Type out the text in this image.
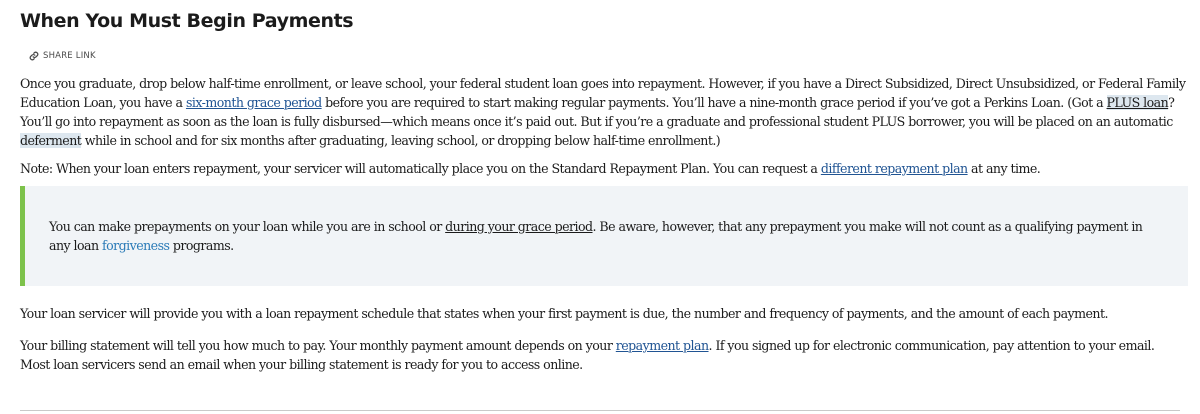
When You Must Begin Payments
SHARE LINK

Once you graduate, drop below half-time enrollment, or leave school, your federal student loan goes into repayment. However, if you have a Direct Subsidized, Direct Unsubsidized, or Federal Family

Education Loan, you have a six-month grace period before you are required to start making regular payments. You’ll have a nine-month grace period if you’ve got a Perkins Loan. (Got a PLUS loan?

You’ll go into repayment as soon as the loan is fully disbursed—which means once it’s paid out. But if you’re a graduate and professional student PLUS borrower, you will be placed on an automatic

deferment while in school and for six months after graduating, leaving school, or dropping below half-time enrollment.)

Note: When your loan enters repayment, your servicer will automatically place you on the Standard Repayment Plan. You can request a different repayment plan at any time.

You can make prepayments on your loan while you are in school or during your grace period. Be aware, however, that any prepayment you make will not count as a qualifying payment in

any loan forgiveness programs.

Your loan servicer will provide you with a loan repayment schedule that states when your first payment is due, the number and frequency of payments, and the amount of each payment.

Your billing statement will tell you how much to pay. Your monthly payment amount depends on your repayment plan. If you signed up for electronic communication, pay attention to your email.

Most loan servicers send an email when your billing statement is ready for you to access online.
